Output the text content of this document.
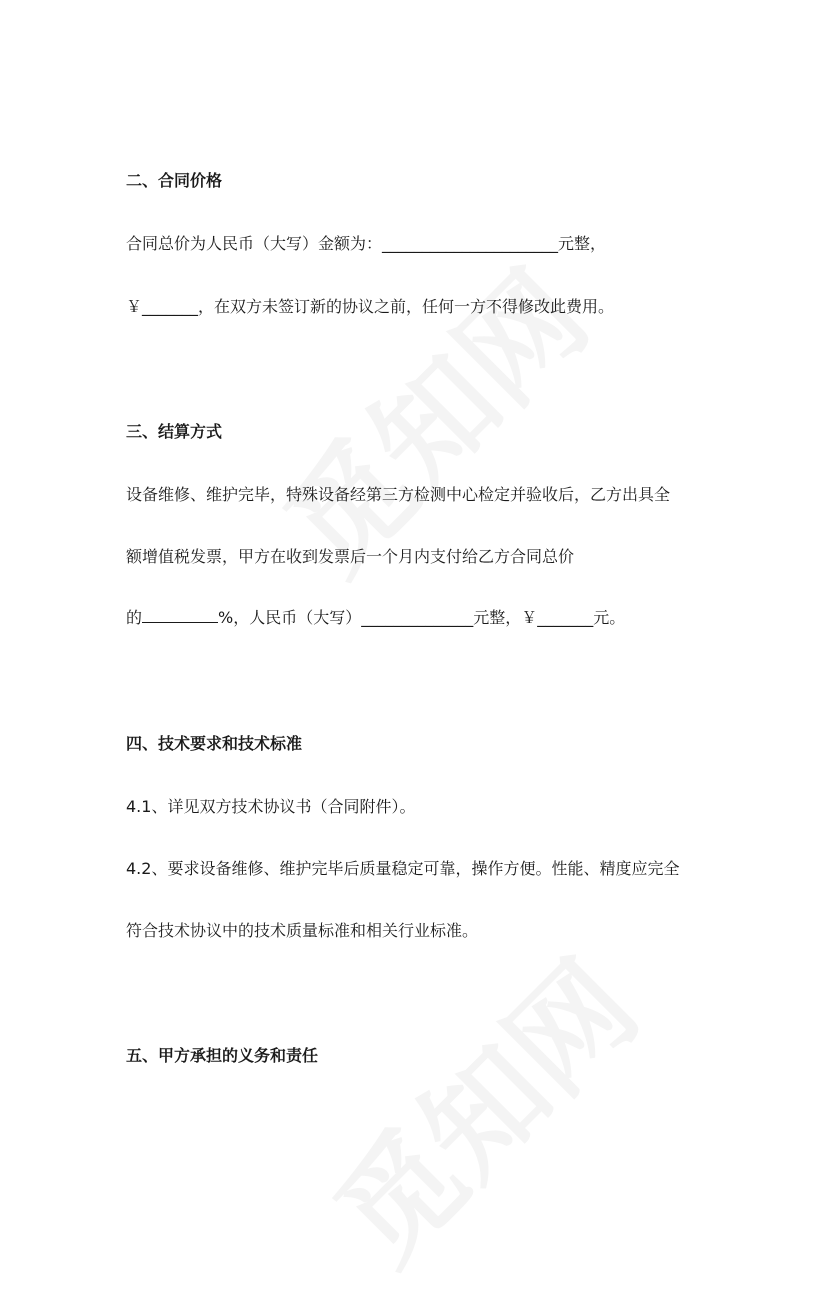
二、合同价格
合同总价为人民币（大写）金额为：______________________元整，
￥_______，在双方未签订新的协议之前，任何一方不得修改此费用。
三、结算方式
设备维修、维护完毕，特殊设备经第三方检测中心检定并验收后，乙方出具全
额增值税发票，甲方在收到发票后一个月内支付给乙方合同总价
的	%，人民币（大写）______________元整，￥_______元。
四、技术要求和技术标准
4.1、详见双方技术协议书（合同附件）。
4.2、要求设备维修、维护完毕后质量稳定可靠，操作方便。性能、精度应完全
符合技术协议中的技术质量标准和相关行业标准。
五、甲方承担的义务和责任
